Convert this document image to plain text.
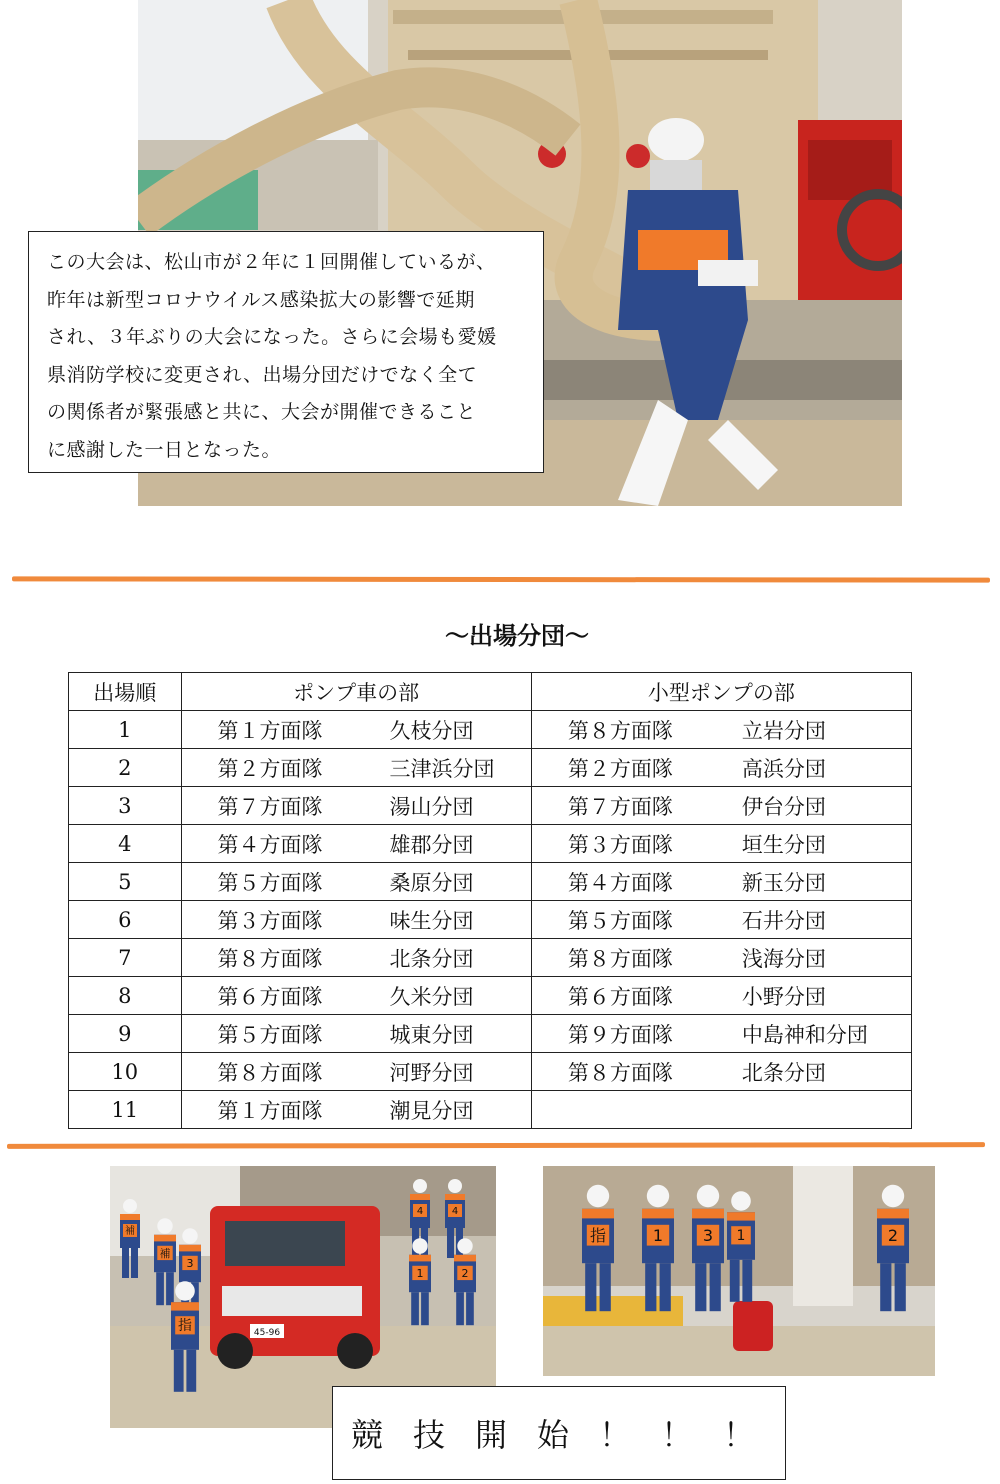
この大会は、松山市が２年に１回開催しているが、
昨年は新型コロナウイルス感染拡大の影響で延期
され、３年ぶりの大会になった。さらに会場も愛媛
県消防学校に変更され、出場分団だけでなく全て
の関係者が緊張感と共に、大会が開催できること
に感謝した一日となった。
～出場分団～
出場順	ポンプ車の部	小型ポンプの部
1	第１方面隊 久枝分団	第８方面隊 立岩分団

2	第２方面隊 三津浜分団	第２方面隊 高浜分団

3	第７方面隊 湯山分団	第７方面隊 伊台分団

4	第４方面隊 雄郡分団	第３方面隊 垣生分団

5	第５方面隊 桑原分団	第４方面隊 新玉分団

6	第３方面隊 味生分団	第５方面隊 石井分団

7	第８方面隊 北条分団	第８方面隊 浅海分団

8	第６方面隊 久米分団	第６方面隊 小野分団

9	第５方面隊 城東分団	第９方面隊 中島神和分団

10	第８方面隊 河野分団	第８方面隊 北条分団

11	第１方面隊 潮見分団	

45-96
補
4	4
補
3
指
1	2
指	1 3 1	2
競技開始！！！
